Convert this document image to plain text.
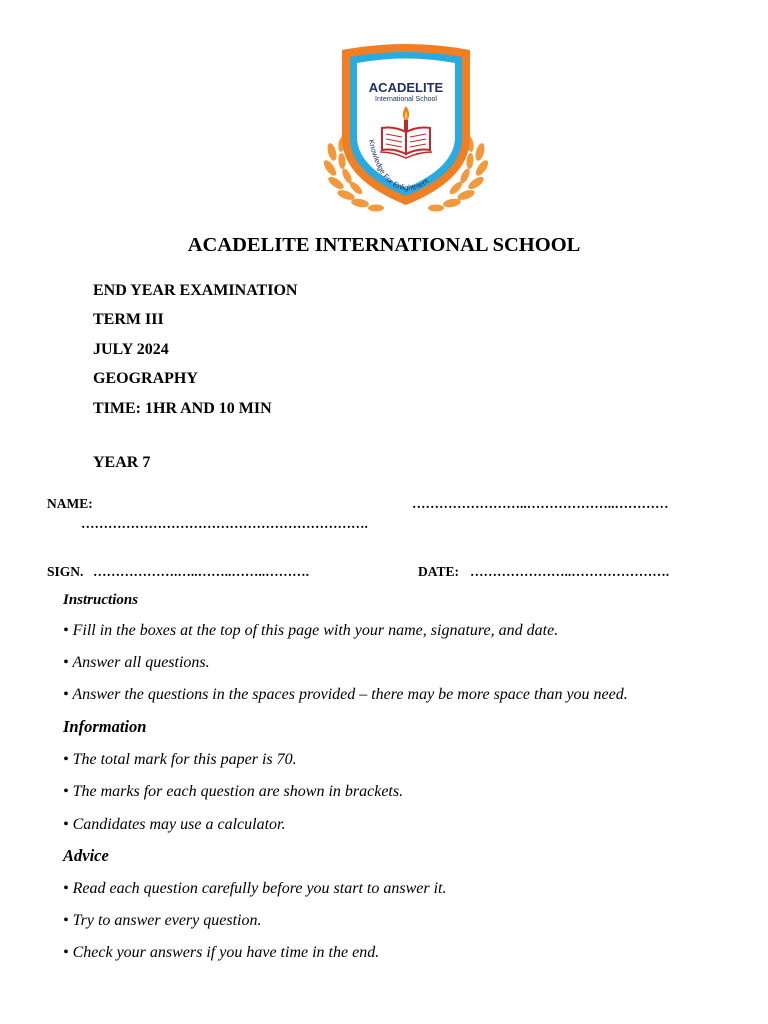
ACADELITE
International School
Knowledge For Enlightment
ACADELITE INTERNATIONAL SCHOOL
END YEAR EXAMINATION
TERM III
JULY 2024
GEOGRAPHY
TIME: 1HR AND 10 MIN
YEAR 7
NAME:	……………………..………………..…………
……………………………………………………….
SIGN. ……………….…..……..……..……….	DATE: …………………..………………….
Instructions
• Fill in the boxes at the top of this page with your name, signature, and date.
• Answer all questions.
• Answer the questions in the spaces provided – there may be more space than you need.
Information
• The total mark for this paper is 70.
• The marks for each question are shown in brackets.
• Candidates may use a calculator.
Advice
• Read each question carefully before you start to answer it.
• Try to answer every question.
• Check your answers if you have time in the end.
